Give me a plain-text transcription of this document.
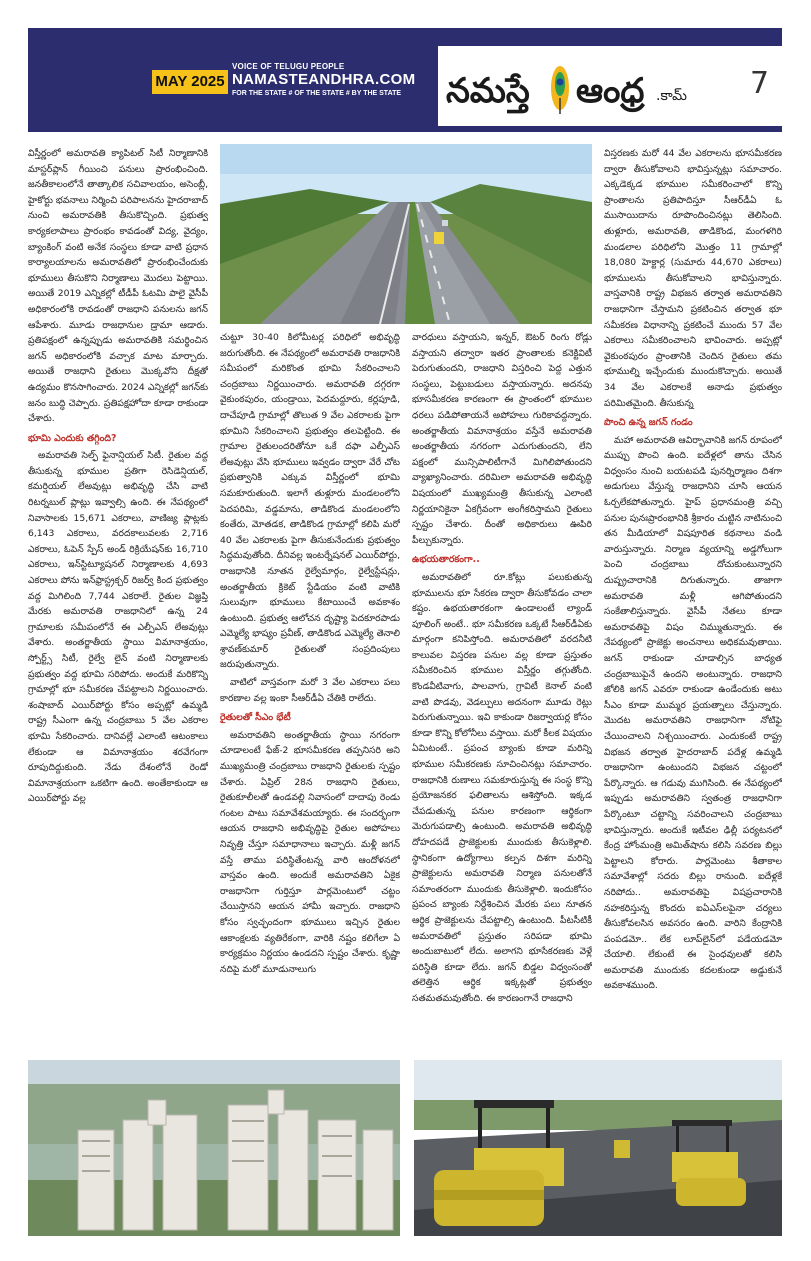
MAY 2025
VOICE OF TELUGU PEOPLE
NAMASTEANDHRA.COM
FOR THE STATE # OF THE STATE # BY THE STATE నమస్తే ఆంధ్ర .కామ్ 7

విస్తీర్ణంలో అమరావతి క్యాపిటల్ సిటీ నిర్మాణానికి మాస్టర్‌ప్లాన్ గీయించి పనులు ప్రారంభించింది. జనతీకాలంలోనే తాత్కాలిక సచివాలయం, అసెంబ్లీ, హైకోర్టు భవనాలు నిర్మించి పరిపాలనను హైదరాబాద్ నుంచి అమరావతికి తీసుకొచ్చింది. ప్రభుత్వ కార్యకలాపాలు ప్రారంభం కావడంతో విద్య, వైద్యం, బ్యాంకింగ్ వంటి అనేక సంస్థలు కూడా వాటి ప్రధాన కార్యాలయాలను అమరావతిలో ప్రారంభించేందుకు భూములు తీసుకొని నిర్మాణాలు మొదలు పెట్టాయి. అయితే 2019 ఎన్నికల్లో టీడీపీ ఓటమి పాలై వైసీపీ అధికారంలోకి రావడంతో రాజధాని పనులను జగన్ ఆపేశారు. మూడు రాజధానుల డ్రామా ఆడారు. ప్రతిపక్షంలో ఉన్నప్పుడు అమరావతికి సమర్థించిన జగన్ అధికారంలోకి వచ్చాక మాట మార్చారు. అయితే రాజధాని రైతులు మొక్కవోని దీక్షతో ఉద్యమం కొనసాగించారు. 2024 ఎన్నికల్లో జగన్‌కు జనం బుద్ధి చెప్పారు. ప్రతిపక్షహోదా కూడా రాకుండా చేశారు.

భూమి ఎందుకు తగ్గింది?

అమరావతి సెల్ఫ్ ఫైనాన్షియల్ సిటీ. రైతుల వద్ద తీసుకున్న భూముల ప్రతిగా రెసిడెన్షియల్, కమర్షియల్ లేఅవుట్లు అభివృద్ధి చేసి వాటి రిటర్నబుల్ ప్లాట్లు ఇవ్వాల్సి ఉంది. ఈ నేపథ్యంలో నివాసాలకు 15,671 ఎకరాలు, వాణిజ్య ప్లాట్లకు 6,143 ఎకరాలు, వరదకాలువలకు 2,716 ఎకరాలు, ఓపెన్ స్పేస్ అండ్ రిక్రియేషన్‌కు 16,710 ఎకరాలు, ఇన్‌స్టిట్యూషనల్ నిర్మాణాలకు 4,693 ఎకరాలు పోను ఇన్‌ఫ్రాస్ట్రక్చర్ రిజర్వ్ కింద ప్రభుత్వం వద్ద మిగిలింది 7,744 ఎకరాలే. రైతుల విజ్ఞప్తి మేరకు అమరావతి రాజధానిలో ఉన్న 24 గ్రామాలకు సమీపంలోనే ఈ ఎల్పీఎస్ లేఅవుట్లు వేశారు. అంతర్జాతీయ స్థాయి విమానాశ్రయం, స్పోర్ట్స్ సిటీ, రైల్వే లైన్ వంటి నిర్మాణాలకు ప్రభుత్వం వద్ద భూమి సరిపోదు. అందుకే మరికొన్ని గ్రామాల్లో భూ సమీకరణ చేపట్టాలని నిర్ణయించారు. శంషాబాద్ ఎయిర్‌పోర్టు కోసం అప్పట్లో ఉమ్మడి రాష్ట్ర సీఎంగా ఉన్న చంద్రబాబు 5 వేల ఎకరాల భూమి సేకరించారు. దానివల్లే ఎలాంటి ఆటంకాలు లేకుండా ఆ విమానాశ్రయం శరవేగంగా రూపుదిద్దుకుంది. నేడు దేశంలోనే రెండో విమానాశ్రయంగా ఒకటిగా ఉంది. అంతేకాకుండా ఆ ఎయిర్‌పోర్టు వల్ల

చుట్టూ 30-40 కిలోమీటర్ల పరిధిలో అభివృద్ధి జరుగుతోంది. ఈ నేపథ్యంలో అమరావతి రాజధానికి సమీపంలో మరికొంత భూమి సేకరించాలని చంద్రబాబు నిర్ణయించారు. అమరావతి దగ్గరగా వైకుంఠపురం, యండ్రాయి, పెదమద్దూరు, కర్లపూడి, దాచేపూడి గ్రామాల్లో తొలుత 9 వేల ఎకరాలకు పైగా భూమిని సేకరించాలని ప్రభుత్వం తలపెట్టింది. ఈ గ్రామాల రైతులందరితోనూ ఒకే దఫా ఎల్పీఎస్ లేఅవుట్లు వేసి భూములు ఇవ్వడం ద్వారా వేరే చోట ప్రభుత్వానికి ఎక్కువ విస్తీర్ణంలో భూమి సమకూరుతుంది. ఇలాగే తుళ్లూరు మండలంలోని పెదపరిమి, వడ్డమాను, తాడికొండ మండలంలోని కంతేరు, మోతడక, తాడికొండ గ్రామాల్లో కలిపి మరో 40 వేల ఎకరాలకు పైగా తీసుకునేందుకు ప్రభుత్వం సిద్ధమవుతోంది. దీనివల్ల ఇంటర్నేషనల్ ఎయిర్‌పోర్టు, రాజధానికి నూతన రైల్వేమార్గం, రైల్వేస్టేషన్లు, అంతర్జాతీయ క్రికెట్ స్టేడియం వంటి వాటికి సులువుగా భూములు కేటాయించే అవకాశం ఉంటుంది. ప్రభుత్వ ఆలోచన దృష్ట్యా పెదకూరపాడు ఎమ్మెల్యే భాష్యం ప్రవీణ్, తాడికొండ ఎమ్మెల్యే తెనాలి శ్రావణ్‌కుమార్ రైతులతో సంప్రదింపులు జరుపుతున్నారు.

వాటిలో వాస్తవంగా మరో 3 వేల ఎకరాలు పలు కారణాల వల్ల ఇంకా సీఆర్‌డీఏ చేతికి రాలేదు.

రైతులతో సీఎం భేటీ

అమరావతిని అంతర్జాతీయ స్థాయి నగరంగా చూడాలంటే ఫేజ్-2 భూసమీకరణ తప్పనిసరి అని ముఖ్యమంత్రి చంద్రబాబు రాజధాని రైతులకు స్పష్టం చేశారు. ఏప్రిల్ 28న రాజధాని రైతులు, రైతుకూలీలతో ఉండవల్లి నివాసంలో దాదాపు రెండు గంటల పాటు సమావేశమయ్యారు. ఈ సందర్భంగా ఆయన రాజధాని అభివృద్ధిపై రైతుల అపోహలు నివృత్తి చేస్తూ సమాధానాలు ఇచ్చారు. మళ్లీ జగన్ వస్తే తాము పరిస్థితేంటన్న వారి ఆందోళనలో వాస్తవం ఉంది. అందుకే అమరావతిని ఏకైక రాజధానిగా గుర్తిస్తూ పార్లమెంటులో చట్టం చేయిస్తానని ఆయన హామీ ఇచ్చారు. రాజధాని కోసం స్వచ్ఛందంగా భూములు ఇచ్చిన రైతుల ఆకాంక్షలకు వ్యతిరేకంగా, వారికి నష్టం కలిగేలా ఏ కార్యక్రమం నిర్ణయం ఉండదని స్పష్టం చేశారు. కృష్ణా నదిపై మరో మూడునాలుగు

వారధులు వస్తాయని, ఇన్నర్, ఔటర్ రింగు రోడ్లు వస్తాయని తద్వారా ఇతర ప్రాంతాలకు కనెక్టివిటీ పెరుగుతుందని, రాజధాని విస్తరించి పెద్ద ఎత్తున సంస్థలు, పెట్టుబడులు వస్తాయన్నారు. అదనపు భూసమీకరణ కారణంగా ఈ ప్రాంతంలో భూముల ధరలు పడిపోతాయనే అపోహలు గురికావద్దన్నారు. అంతర్జాతీయ విమానాశ్రయం వస్తేనే అమరావతి అంతర్జాతీయ నగరంగా ఎదుగుతుందని, లేని పక్షంలో మున్సిపాలిటీగానే మిగిలిపోతుందని వ్యాఖ్యానించారు. దరిమిలా అమరావతి అభివృద్ధి విషయంలో ముఖ్యమంత్రి తీసుకున్న ఎలాంటి నిర్ణయానికైనా ఏకగ్రీవంగా అంగీకరిస్తామని రైతులు స్పష్టం చేశారు. దీంతో అధికారులు ఊపిరి పీల్చుకున్నారు.

ఉభయతారకంగా..

అమరావతిలో రూ.కోట్లు పలుకుతున్న భూములను భూ సేకరణ ద్వారా తీసుకోవడం చాలా కష్టం. ఉభయతారకంగా ఉండాలంటే ల్యాండ్ పూలింగ్ అంటే.. భూ సమీకరణ ఒక్కటే సీఆర్‌డీఏకు మార్గంగా కనిపిస్తోంది. అమరావతిలో వరదనీటి కాలువల విస్తరణ పనుల వల్ల కూడా ప్రస్తుతం సమీకరించిన భూముల విస్తీర్ణం తగ్గుతోంది. కొండవీటివాగు, పాలవాగు, గ్రావిటీ కెనాల్ వంటి వాటి పొడవు, వెడల్పులు అదనంగా మూడు రెట్లు పెరుగుతున్నాయి. ఇవి కాకుండా రిజర్వాయర్ల కోసం కూడా కొన్ని కోలోనీలు వస్తాయి. మరో కీలక విషయం ఏమిటంటే.. ప్రపంచ బ్యాంకు కూడా మరిన్ని భూముల సమీకరణకు సూచించినట్లు సమాచారం. రాజధానికి రుణాలు సమకూరుస్తున్న ఈ సంస్థ కొన్ని ప్రయోజనకర ఫలితాలను ఆశిస్తోంది. ఇక్కడ చేపడుతున్న పనుల కారణంగా ఆర్థికంగా మెరుగుపడాల్సి ఉంటుంది. అమరావతి అభివృద్ధి దోహదపడే ప్రాజెక్టులకు ముందుకు తీసుకెళ్లాలి. స్థానికంగా ఉద్యోగాలు కల్పన దిశగా మరిన్ని ప్రాజెక్టులను అమరావతి నిర్మాణ పనులతోనే సమాంతరంగా ముందుకు తీసుకెళ్లాలి. ఇందుకోసం ప్రపంచ బ్యాంకు నిర్దేశించిన మేరకు పలు నూతన ఆర్థిక ప్రాజెక్టులను చేపట్టాల్సి ఉంటుంది. పీటసీటికీ అమరావతిలో ప్రస్తుతం సరిపడా భూమి అందుబాటులో లేదు. అలాగని భూసేకరణకు వెళ్లే పరిస్థితి కూడా లేదు. జగన్ బిడ్డల విధ్వంసంతో తలెత్తిన ఆర్థిక ఇక్కట్లతో ప్రభుత్వం సతమతమవుతోంది. ఈ కారణంగానే రాజధాని

విస్తరణకు మరో 44 వేల ఎకరాలను భూసమీకరణ ద్వారా తీసుకోవాలని భావిస్తున్నట్లు సమాచారం. ఎక్కడెక్కడ భూముల సమీకరించాలో కొన్ని ప్రాంతాలను ప్రతిపాదిస్తూ సీఆర్‌డీఏ ఓ ముసాయిదాను రూపొందించినట్లు తెలిసింది. తుళ్లూరు, అమరావతి, తాడికొండ, మంగళగిరి మండలాల పరిధిలోని మొత్తం 11 గ్రామాల్లో 18,080 హెక్టార్ల (సుమారు 44,670 ఎకరాలు) భూములను తీసుకోవాలని భావిస్తున్నారు. వాస్తవానికి రాష్ట్ర విభజన తర్వాత అమరావతిని రాజధానిగా చేస్తామని ప్రకటించిన తర్వాత భూ సమీకరణ విధానాన్ని ప్రకటించే ముందు 57 వేల ఎకరాలు సమీకరించాలని భావించారు. అప్పట్లో వైకుంఠపురం ప్రాంతానికి చెందిన రైతులు తమ భూముల్ని ఇచ్చేందుకు ముందుకొచ్చారు. అయితే 34 వేల ఎకరాలకే అనాడు ప్రభుత్వం పరిమితమైంది. తీసుకున్న

పొంచి ఉన్న జగన్ గండం

మహా అమరావతి ఆవిర్భావానికి జగన్ రూపంలో ముప్పు పొంచి ఉంది. ఐదేళ్లలో తాను చేసిన విధ్వంసం నుంచి బయటపడి పునర్నిర్మాణం దిశగా అడుగులు వేస్తున్న రాజధానిని చూసి ఆయన ఓర్చలేకపోతున్నారు. హైప్ ప్రధానమంత్రి వచ్చి పనుల పునఃప్రారంభానికి శ్రీకారం చుట్టిన నాటినుంచి తన మీడియాలో విషపూరిత కథనాలు వండి వారుస్తున్నారు. నిర్మాణ వ్యయాన్ని అడ్డగోలుగా పెంచి చంద్రబాబు దోచుకుంటున్నారని దుష్ప్రచారానికి దిగుతున్నారు. తాజాగా అమరావతి మళ్లీ ఆగిపోతుందని సంకేతాలిస్తున్నారు. వైసీపీ నేతలు కూడా అమరావతిపై విషం చిమ్ముతున్నారు. ఈ నేపథ్యంలో ప్రాజెక్టు అంచనాలు అధికమవుతాయి. జగన్ రాకుండా చూడాల్సిన బాధ్యత చంద్రబాబుపైనే ఉందని అంటున్నారు. రాజధాని జోలికి జగన్ ఎవరూ రాకుండా ఉండేందుకు అటు సీఎం కూడా ముమ్మర ప్రయత్నాలు చేస్తున్నారు. మొదట అమరావతిని రాజధానిగా నోటిఫై చేయించాలని నిశ్చయించారు. ఎందుకంటే రాష్ట్ర విభజన తర్వాత హైదరాబాద్ పదేళ్ల ఉమ్మడి రాజధానిగా ఉంటుందని విభజన చట్టంలో పేర్కొన్నారు. ఆ గడువు ముగిసింది. ఈ నేపథ్యంలో ఇప్పుడు అమరావతిని స్వతంత్ర రాజధానిగా పేర్కొంటూ చట్టాన్ని సవరించాలని చంద్రబాబు భావిస్తున్నారు. అందుకే ఇటీవల ఢిల్లీ పర్యటనలో కేంద్ర హోంమంత్రి అమిత్‌షాను కలిసి సవరణ బిల్లు పెట్టాలని కోరారు. పార్లమెంటు శీతాకాల సమావేశాల్లో సదరు బిల్లు రానుంది. ఐదేళ్లకే నరిపోదు.. అమరావతిపై విషప్రచారానికి నహకరిస్తున్న కొందరు ఐఏఎస్‌లపైనా చర్యలు తీసుకోవలసిన అవసరం ఉంది. వారిని కేంద్రానికి పంపడమో.. లేక లూప్‌లైన్‌లో పడేయడమో చేయాలి. లేకుంటే ఈ సైంధవులతో కలిసి అమరావతి ముందుకు కదలకుండా అడ్డుకునే అవకాశముంది.
